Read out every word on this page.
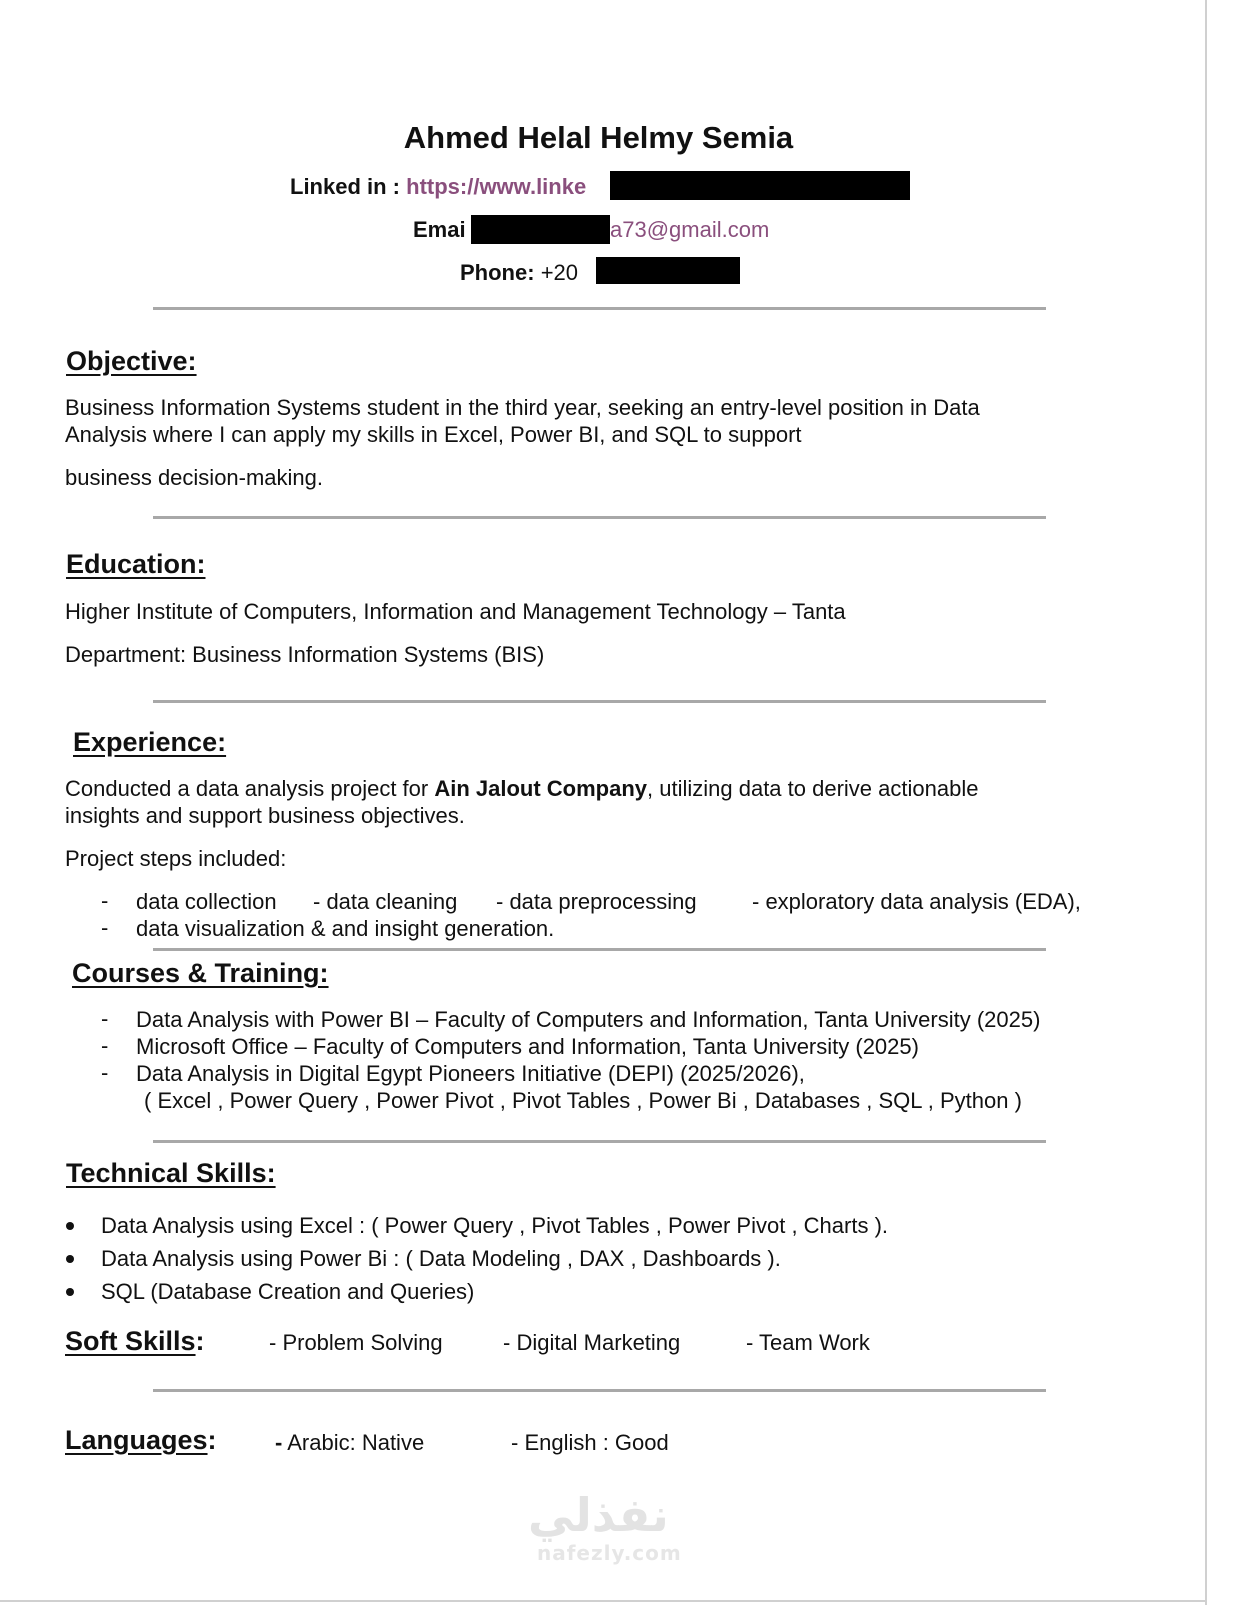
Ahmed Helal Helmy Semia
Linked in : https://www.linke
Emai	a73@gmail.com
Phone: +20
Objective:
Business Information Systems student in the third year, seeking an entry-level position in Data
Analysis where I can apply my skills in Excel, Power BI, and SQL to support
business decision-making.
Education:
Higher Institute of Computers, Information and Management Technology – Tanta
Department: Business Information Systems (BIS)
Experience:
Conducted a data analysis project for Ain Jalout Company, utilizing data to derive actionable
insights and support business objectives.
Project steps included:
- data collection - data cleaning - data preprocessing	- exploratory data analysis (EDA),
- data visualization & and insight generation.
Courses & Training:
- Data Analysis with Power BI – Faculty of Computers and Information, Tanta University (2025)
- Microsoft Office – Faculty of Computers and Information, Tanta University (2025)
- Data Analysis in Digital Egypt Pioneers Initiative (DEPI) (2025/2026),
( Excel , Power Query , Power Pivot , Pivot Tables , Power Bi , Databases , SQL , Python )
Technical Skills:
Data Analysis using Excel : ( Power Query , Pivot Tables , Power Pivot , Charts ).
Data Analysis using Power Bi : ( Data Modeling , DAX , Dashboards ).
SQL (Database Creation and Queries)
Soft Skills:	- Problem Solving	- Digital Marketing	- Team Work
Languages:	- Arabic: Native	- English : Good
نفذلي
nafezly.com
